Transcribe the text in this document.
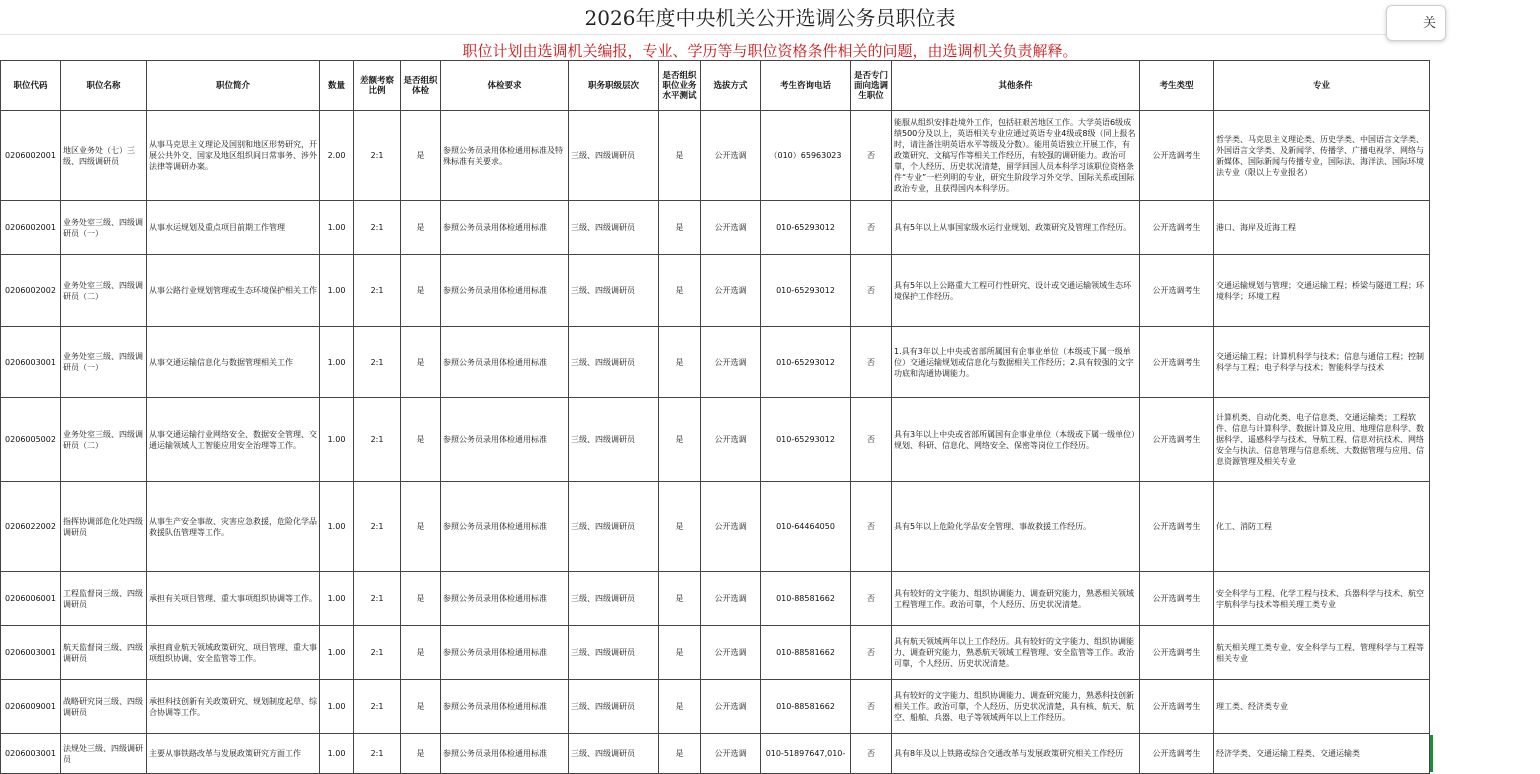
2026年度中央机关公开选调公务员职位表
职位计划由选调机关编报，专业、学历等与职位资格条件相关的问题，由选调机关负责解释。
关
职位代码	职位名称	职位简介	数量	差额考察比例	是否组织体检	体检要求	职务职级层次	是否组织职位业务水平测试	选拔方式	考生咨询电话	是否专门面向选调生职位	其他条件	考生类型	专业

0206002001	地区业务处（七）三级、四级调研员	从事马克思主义理论及国别和地区形势研究，开展公共外交、国家及地区组织间日常事务、涉外法律等调研办案。	2.00	2:1	是	参照公务员录用体检通用标准及特殊标准有关要求。	三级、四级调研员	是	公开选调	（010）65963023	否	能服从组织安排赴境外工作，包括驻艰苦地区工作。大学英语6级成绩500分及以上，英语相关专业应通过英语专业4级或8级（同上报名时，请注备注明英语水平等级及分数）。能用英语独立开展工作，有政策研究、文稿写作等相关工作经历，有较强的调研能力。政治可靠，个人经历、历史状况清楚，留学回国人员本科学习该职位资格条件“专业”一栏列明的专业，研究生阶段学习外交学、国际关系或国际政治专业，且获得国内本科学历。	公开选调考生	哲学类、马克思主义理论类、历史学类、中国语言文学类、外国语言文学类、及新闻学、传播学、广播电视学、网络与新媒体、国际新闻与传播专业，国际法、海洋法、国际环境法专业（限以上专业报名）

0206002001	业务处室三级、四级调研员（一）	从事水运规划及重点项目前期工作管理	1.00	2:1	是	参照公务员录用体检通用标准	三级、四级调研员	是	公开选调	010-65293012	否	具有5年以上从事国家级水运行业规划、政策研究及管理工作经历。	公开选调考生	港口、海岸及近海工程

0206002002	业务处室三级、四级调研员（二）	从事公路行业规划管理或生态环境保护相关工作	1.00	2:1	是	参照公务员录用体检通用标准	三级、四级调研员	是	公开选调	010-65293012	否	具有5年以上公路重大工程可行性研究、设计或交通运输领域生态环境保护工作经历。	公开选调考生	交通运输规划与管理；交通运输工程；桥梁与隧道工程；环境科学；环境工程

0206003001	业务处室三级、四级调研员（一）	从事交通运输信息化与数据管理相关工作	1.00	2:1	是	参照公务员录用体检通用标准	三级、四级调研员	是	公开选调	010-65293012	否	1.具有3年以上中央或省部所属国有企事业单位（本级或下属一级单位）交通运输规划或信息化与数据相关工作经历；2.具有较强的文字功底和沟通协调能力。	公开选调考生	交通运输工程；计算机科学与技术；信息与通信工程；控制科学与工程；电子科学与技术；智能科学与技术

0206005002	业务处室三级、四级调研员（二）	从事交通运输行业网络安全、数据安全管理、交通运输领域人工智能应用安全治理等工作。	1.00	2:1	是	参照公务员录用体检通用标准	三级、四级调研员	是	公开选调	010-65293012	否	具有3年以上中央或省部所属国有企事业单位（本级或下属一级单位）规划、科研、信息化、网络安全、保密等岗位工作经历。	公开选调考生	计算机类、自动化类、电子信息类、交通运输类；工程软件、信息与计算科学、数据计算及应用、地理信息科学、数据科学、遥感科学与技术、导航工程、信息对抗技术、网络安全与执法、信息管理与信息系统、大数据管理与应用、信息资源管理及相关专业

0206022002	指挥协调部危化处四级调研员	从事生产安全事故、灾害应急救援，危险化学品救援队伍管理等工作。	1.00	2:1	是	参照公务员录用体检通用标准	三级、四级调研员	是	公开选调	010-64464050	否	具有5年以上危险化学品安全管理、事故救援工作经历。	公开选调考生	化工、消防工程

0206006001	工程监督岗三级、四级调研员	承担有关项目管理、重大事项组织协调等工作。	1.00	2:1	是	参照公务员录用体检通用标准	三级、四级调研员	是	公开选调	010-88581662	否	具有较好的文字能力、组织协调能力、调查研究能力，熟悉相关领域工程管理工作。政治可靠，个人经历、历史状况清楚。	公开选调考生	安全科学与工程、化学工程与技术、兵器科学与技术、航空宇航科学与技术等相关理工类专业

0206003001	航天监督岗三级、四级调研员	承担商业航天领域政策研究、项目管理、重大事项组织协调、安全监管等工作。	1.00	2:1	是	参照公务员录用体检通用标准	三级、四级调研员	是	公开选调	010-88581662	否	具有航天领域两年以上工作经历。具有较好的文字能力、组织协调能力、调查研究能力，熟悉航天领域工程管理、安全监管等工作。政治可靠，个人经历、历史状况清楚。	公开选调考生	航天相关理工类专业、安全科学与工程、管理科学与工程等相关专业

0206009001	战略研究岗三级、四级调研员	承担科技创新有关政策研究、规划制度起草、综合协调等工作。	1.00	2:1	是	参照公务员录用体检通用标准	三级、四级调研员	是	公开选调	010-88581662	否	具有较好的文字能力、组织协调能力、调查研究能力，熟悉科技创新相关工作。政治可靠，个人经历、历史状况清楚，具有核、航天、航空、船舶、兵器、电子等领域两年以上工作经历。	公开选调考生	理工类、经济类专业

0206003001	法规处三级、四级调研员	主要从事铁路改革与发展政策研究方面工作	1.00	2:1	是	参照公务员录用体检通用标准	三级、四级调研员	是	公开选调	010-51897647,010-	否	具有8年及以上铁路或综合交通改革与发展政策研究相关工作经历	公开选调考生	经济学类、交通运输工程类、交通运输类
